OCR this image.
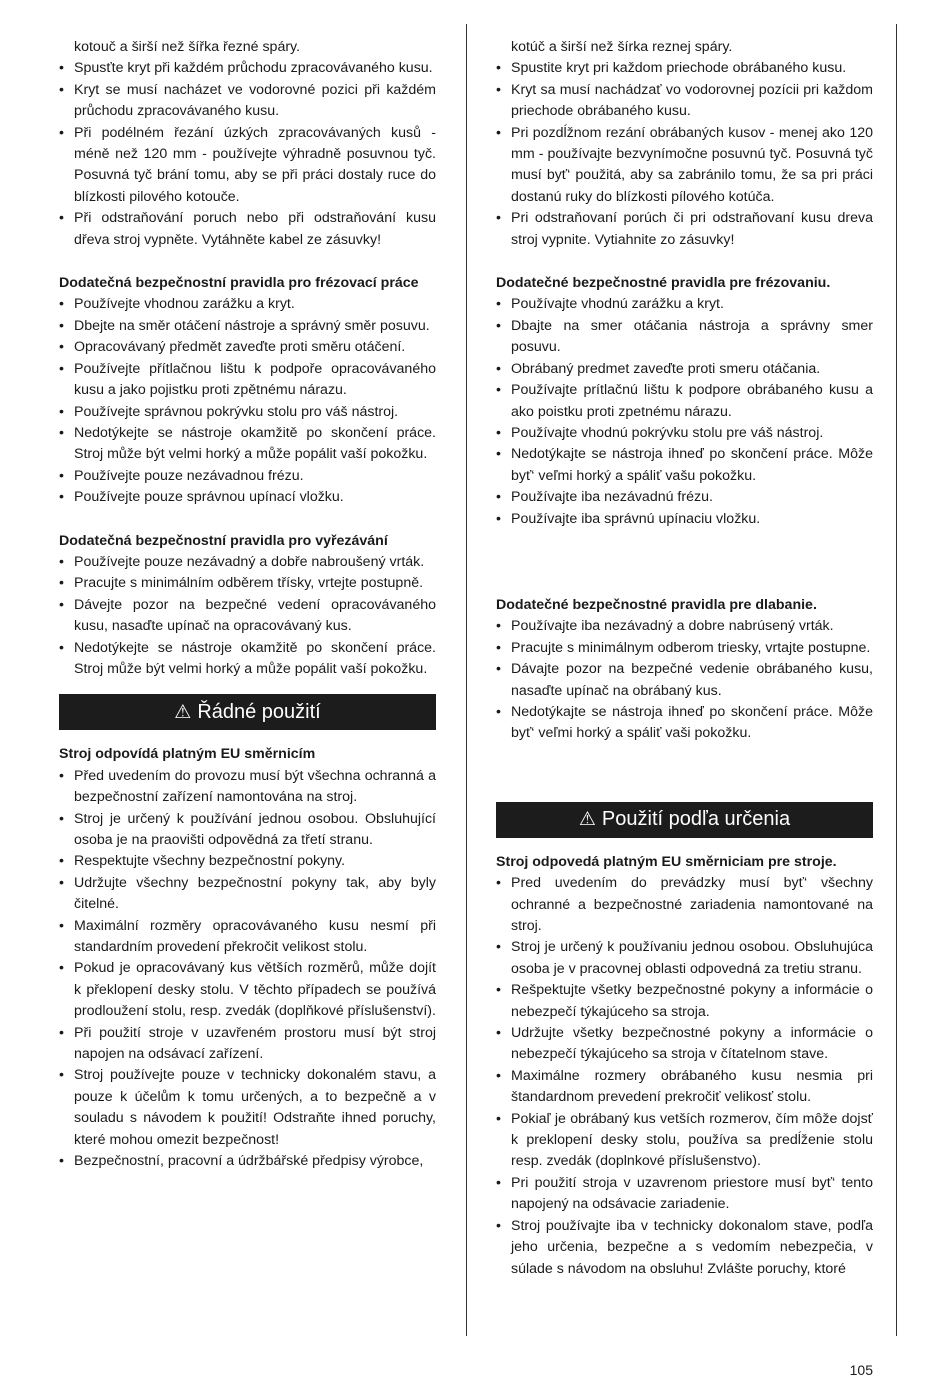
kotouč a širší než šířka řezné spáry.

• Spusťte kryt při každém průchodu zpracovávaného kusu.
• Kryt se musí nacházet ve vodorovné pozici při každém průchodu zpracovávaného kusu.
• Při podélném řezání úzkých zpracovávaných kusů - méně než 120 mm - používejte výhradně posuvnou tyč. Posuvná tyč brání tomu, aby se při práci dostaly ruce do blízkosti pilového kotouče.
• Při odstraňování poruch nebo při odstraňování kusu dřeva stroj vypněte. Vytáhněte kabel ze zásuvky!
Dodatečná bezpečnostní pravidla pro frézovací práce
• Používejte vhodnou zarážku a kryt.
• Dbejte na směr otáčení nástroje a správný směr posuvu.
• Opracovávaný předmět zaveďte proti směru otáčení.
• Používejte přítlačnou lištu k podpoře opracovávaného kusu a jako pojistku proti zpětnému nárazu.
• Používejte správnou pokrývku stolu pro váš nástroj.
• Nedotýkejte se nástroje okamžitě po skončení práce. Stroj může být velmi horký a může popálit vaší pokožku.
• Používejte pouze nezávadnou frézu.
• Používejte pouze správnou upínací vložku.
Dodatečná bezpečnostní pravidla pro vyřezávání
• Používejte pouze nezávadný a dobře nabroušený vrták.
• Pracujte s minimálním odběrem třísky, vrtejte postupně.
• Dávejte pozor na bezpečné vedení opracovávaného kusu, nasaďte upínač na opracovávaný kus.
• Nedotýkejte se nástroje okamžitě po skončení práce. Stroj může být velmi horký a může popálit vaší pokožku.
⚠ Řádné použití
Stroj odpovídá platným EU směrnicím
• Před uvedením do provozu musí být všechna ochranná a bezpečnostní zařízení namontována na stroj.
• Stroj je určený k používání jednou osobou. Obsluhující osoba je na praovišti odpovědná za třetí stranu.
• Respektujte všechny bezpečnostní pokyny.
• Udržujte všechny bezpečnostní pokyny tak, aby byly čitelné.
• Maximální rozměry opracovávaného kusu nesmí při standardním provedení překročit velikost stolu.
• Pokud je opracovávaný kus větších rozměrů, může dojít k překlopení desky stolu. V těchto případech se používá prodloužení stolu, resp. zvedák (doplňkové příslušenství).
• Při použití stroje v uzavřeném prostoru musí být stroj napojen na odsávací zařízení.
• Stroj používejte pouze v technicky dokonalém stavu, a pouze k účelům k tomu určených, a to bezpečně a v souladu s návodem k použití! Odstraňte ihned poruchy, které mohou omezit bezpečnost!
• Bezpečnostní, pracovní a údržbářské předpisy výrobce,

kotúč a širší než šírka reznej spáry.

• Spustite kryt pri každom priechode obrábaného kusu.
• Kryt sa musí nachádzať vo vodorovnej pozícii pri každom priechode obrábaného kusu.
• Pri pozdĺžnom rezání obrábaných kusov - menej ako 120 mm - používajte bezvynímočne posuvnú tyč. Posuvná tyč musí byť‘ použitá, aby sa zabránilo tomu, že sa pri práci dostanú ruky do blízkosti pílového kotúča.
• Pri odstraňovaní porúch či pri odstraňovaní kusu dreva stroj vypnite. Vytiahnite zo zásuvky!
Dodatečné bezpečnostné pravidla pre frézovaniu.
• Používajte vhodnú zarážku a kryt.
• Dbajte na smer otáčania nástroja a správny smer posuvu.
• Obrábaný predmet zaveďte proti smeru otáčania.
• Používajte prítlačnú lištu k podpore obrábaného kusu a ako poistku proti zpetnému nárazu.
• Používajte vhodnú pokrývku stolu pre váš nástroj.
• Nedotýkajte se nástroja ihneď po skončení práce. Môže byť‘ veľmi horký a spáliť vašu pokožku.
• Používajte iba nezávadnú frézu.
• Používajte iba správnú upínaciu vložku.
Dodatečné bezpečnostné pravidla pre dlabanie.
• Používajte iba nezávadný a dobre nabrúsený vrták.
• Pracujte s minimálnym odberom triesky, vrtajte postupne.
• Dávajte pozor na bezpečné vedenie obrábaného kusu, nasaďte upínač na obrábaný kus.
• Nedotýkajte se nástroja ihneď po skončení práce. Môže byť‘ veľmi horký a spáliť vaši pokožku.
⚠ Použití podľa určenia
Stroj odpovedá platným EU směrniciam pre stroje.
• Pred uvedením do prevádzky musí byť‘ všechny ochranné a bezpečnostné zariadenia namontované na stroj.
• Stroj je určený k používaniu jednou osobou. Obsluhujúca osoba je v pracovnej oblasti odpovedná za tretiu stranu.
• Rešpektujte všetky bezpečnostné pokyny a informácie o nebezpečí týkajúceho sa stroja.
• Udržujte všetky bezpečnostné pokyny a informácie o nebezpečí týkajúceho sa stroja v čítatelnom stave.
• Maximálne rozmery obrábaného kusu nesmia pri štandardnom prevedení prekročiť velikosť stolu.
• Pokiaľ je obrábaný kus vetších rozmerov, čím môže dojsť k preklopení desky stolu, používa sa predĺženie stolu resp. zvedák (doplnkové příslušenstvo).
• Pri použití stroja v uzavrenom priestore musí byť‘ tento napojený na odsávacie zariadenie.
• Stroj používajte iba v technicky dokonalom stave, podľa jeho určenia, bezpečne a s vedomím nebezpečia, v súlade s návodom na obsluhu! Zvlášte poruchy, ktoré
105
